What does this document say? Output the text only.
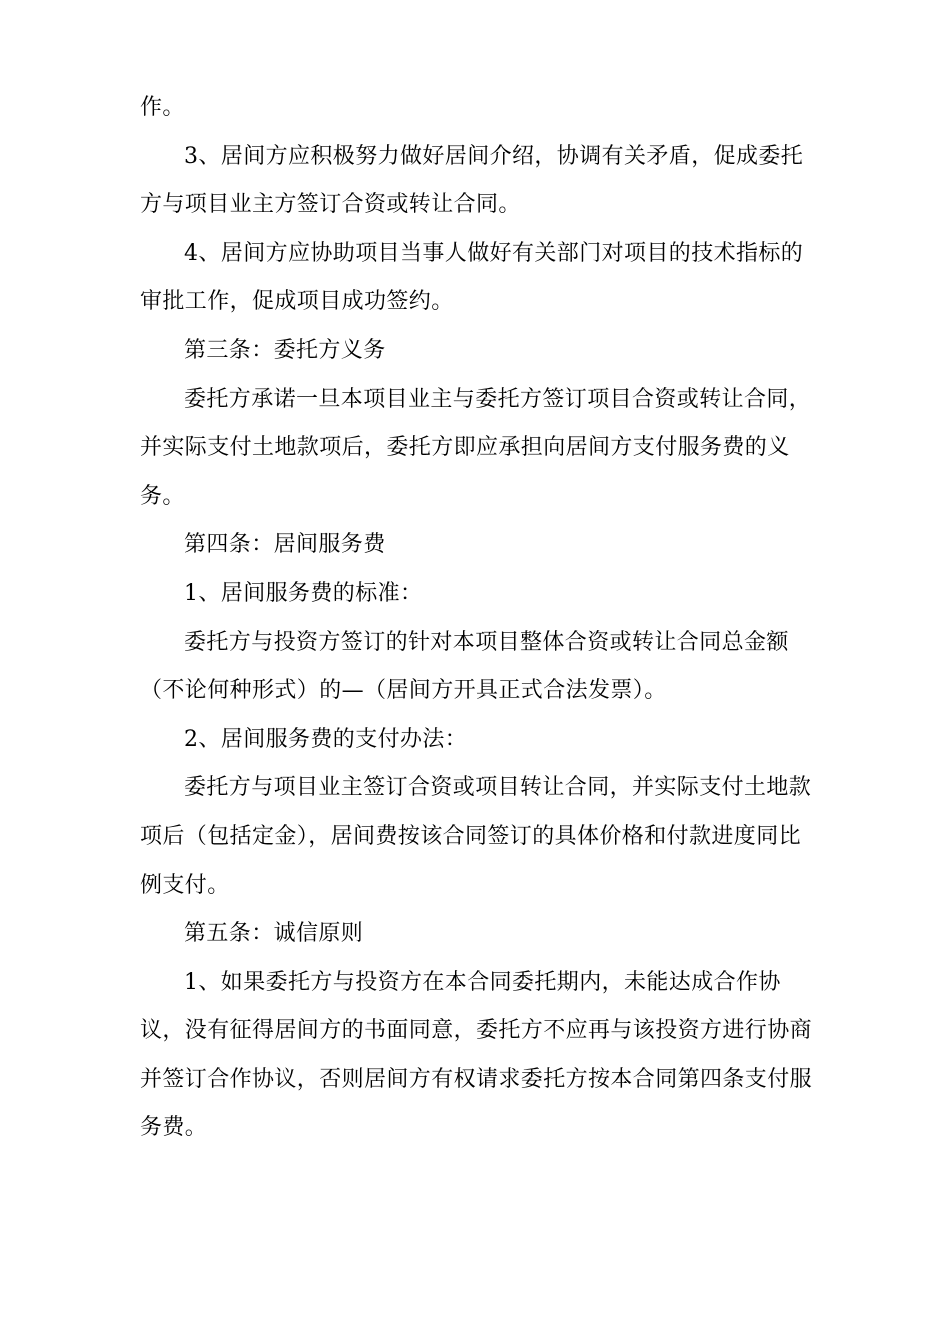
作。

3、居间方应积极努力做好居间介绍，协调有关矛盾，促成委托方与项目业主方签订合资或转让合同。

4、居间方应协助项目当事人做好有关部门对项目的技术指标的审批工作，促成项目成功签约。

第三条：委托方义务

委托方承诺一旦本项目业主与委托方签订项目合资或转让合同，并实际支付土地款项后，委托方即应承担向居间方支付服务费的义务。

第四条：居间服务费

1、居间服务费的标准：

委托方与投资方签订的针对本项目整体合资或转让合同总金额（不论何种形式）的—（居间方开具正式合法发票）。

2、居间服务费的支付办法：

委托方与项目业主签订合资或项目转让合同，并实际支付土地款项后（包括定金），居间费按该合同签订的具体价格和付款进度同比例支付。

第五条：诚信原则

1、如果委托方与投资方在本合同委托期内，未能达成合作协议，没有征得居间方的书面同意，委托方不应再与该投资方进行协商并签订合作协议，否则居间方有权请求委托方按本合同第四条支付服务费。
